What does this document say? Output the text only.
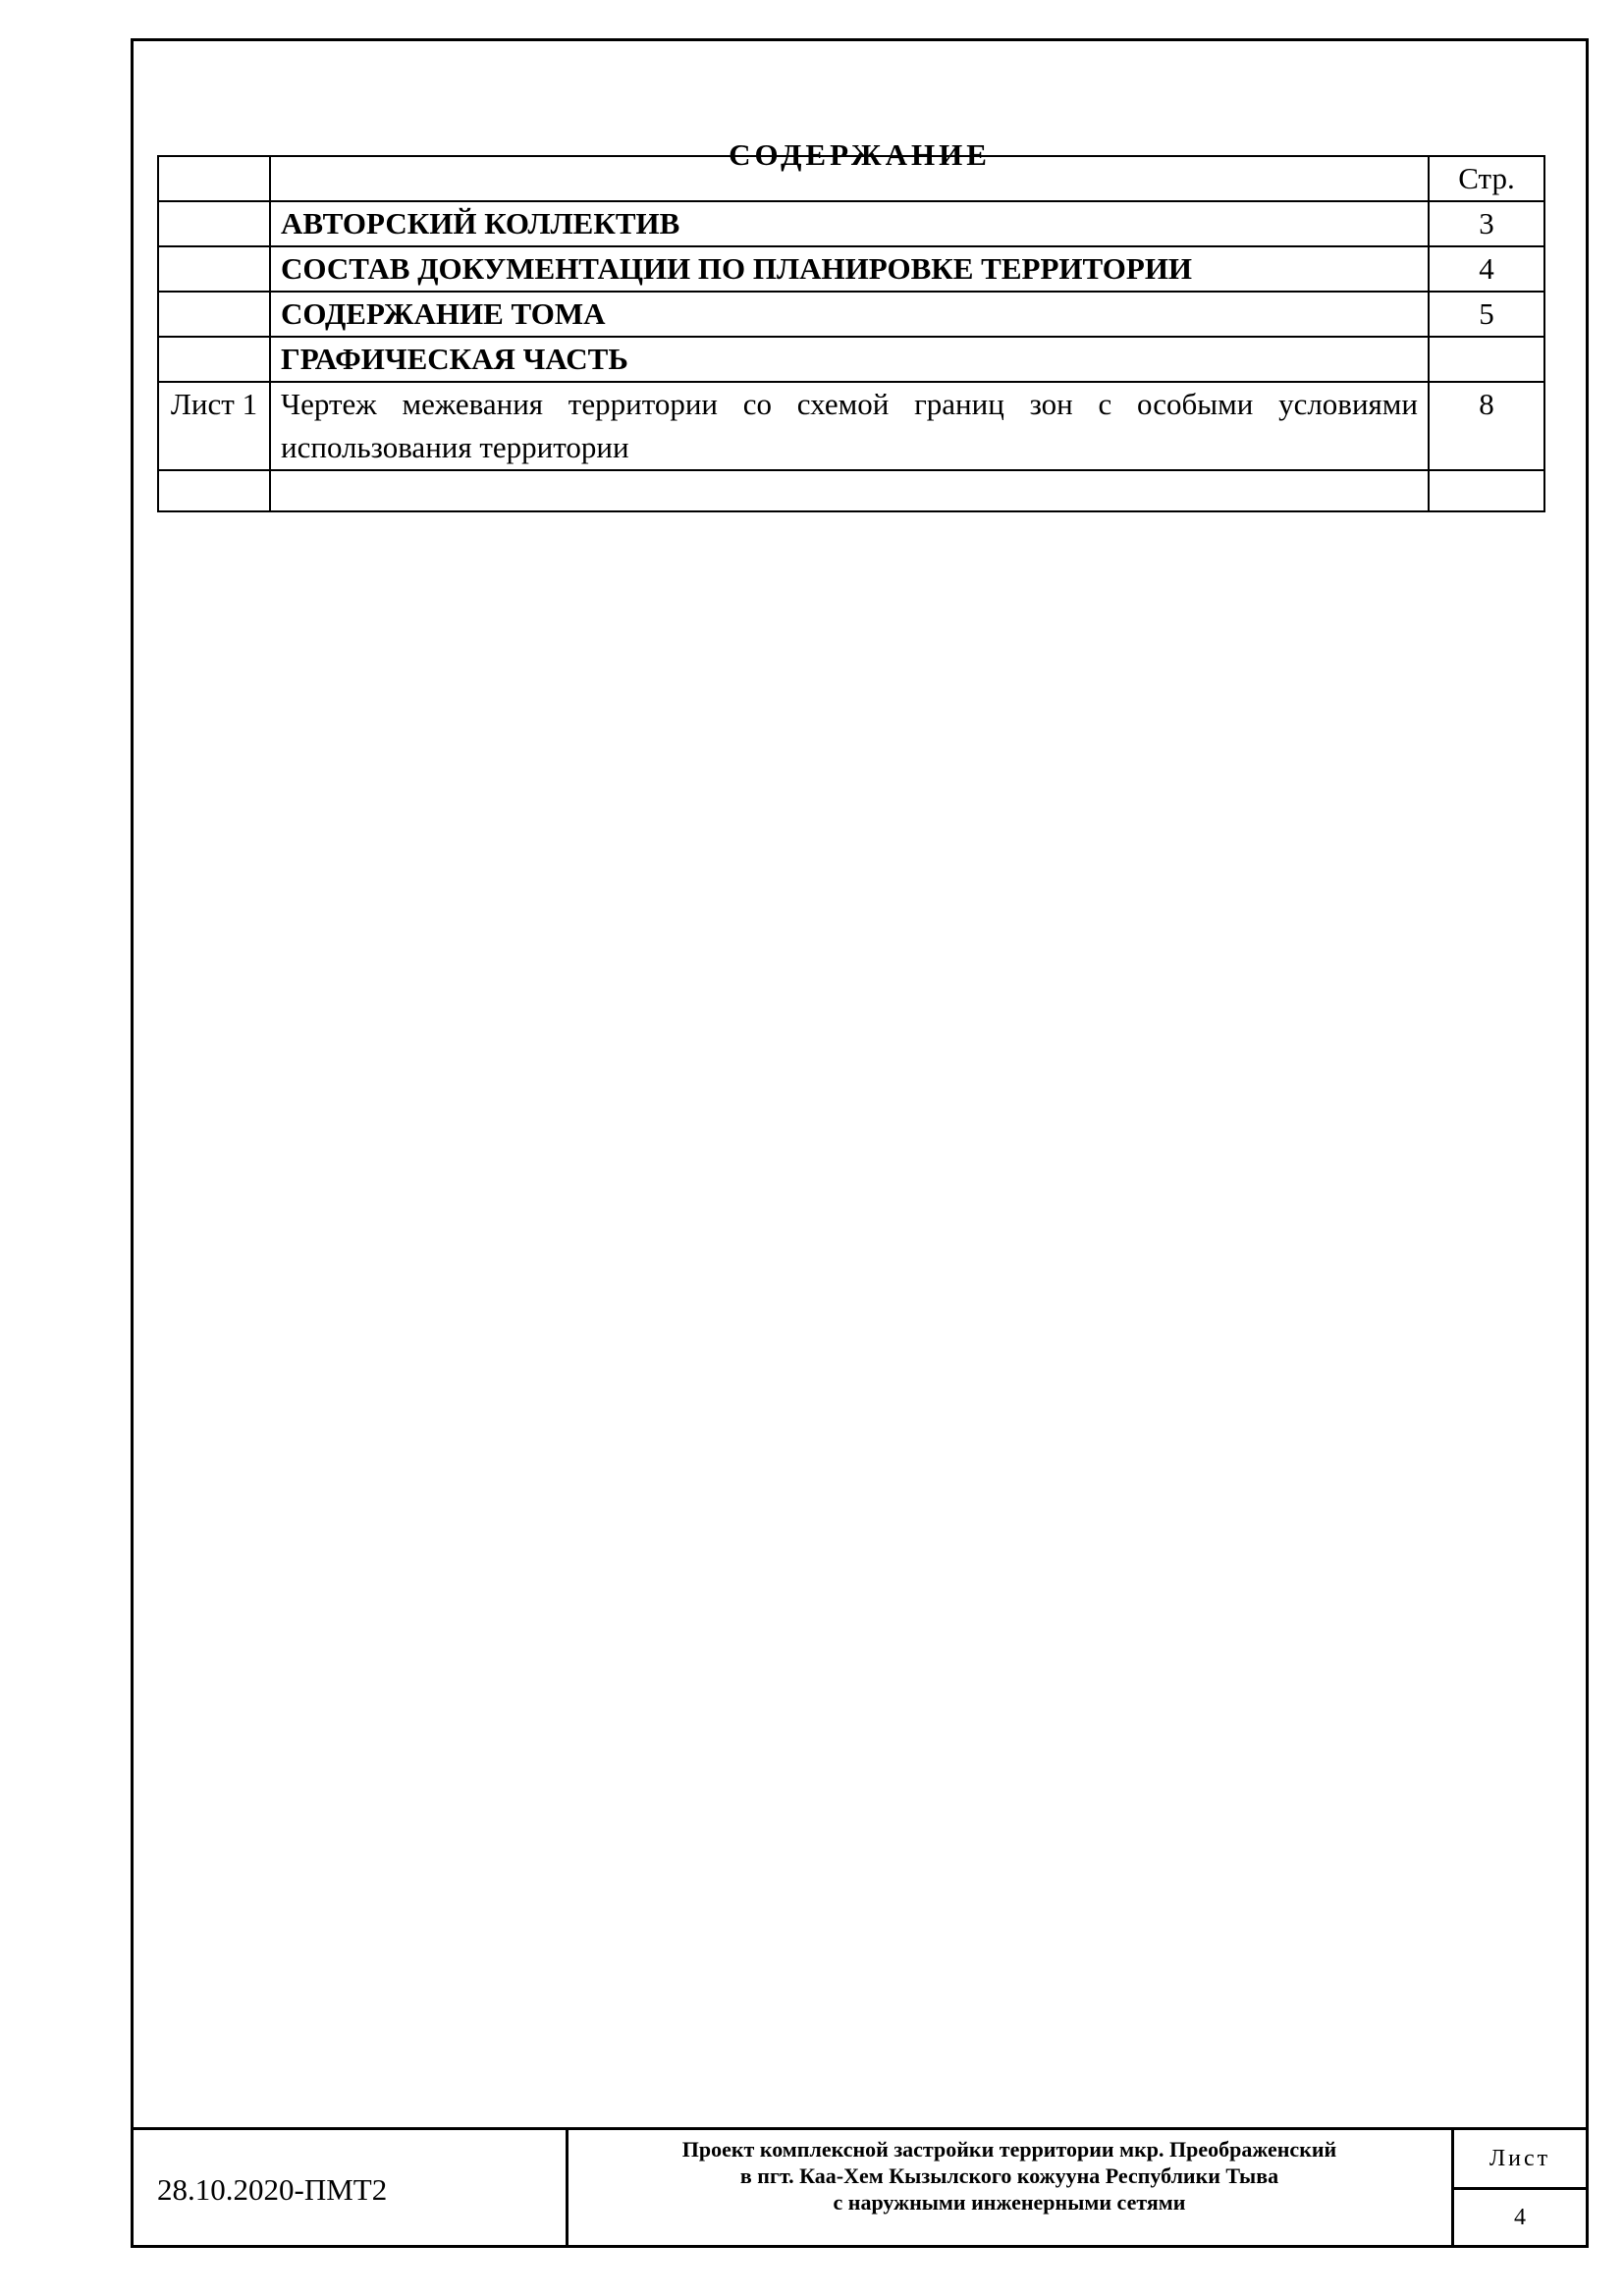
СОДЕРЖАНИЕ
		Стр.
	АВТОРСКИЙ КОЛЛЕКТИВ	3
	СОСТАВ ДОКУМЕНТАЦИИ ПО ПЛАНИРОВКЕ ТЕРРИТОРИИ	4
	СОДЕРЖАНИЕ ТОМА	5
	ГРАФИЧЕСКАЯ ЧАСТЬ	
Лист 1	Чертеж межевания территории со схемой границ зон с особыми условиями использования территории	8

28.10.2020-ПМТ2
Проект комплексной застройки территории мкр. Преображенский
в пгт. Каа-Хем Кызылского кожууна Республики Тыва
с наружными инженерными сетями
Лист
4
